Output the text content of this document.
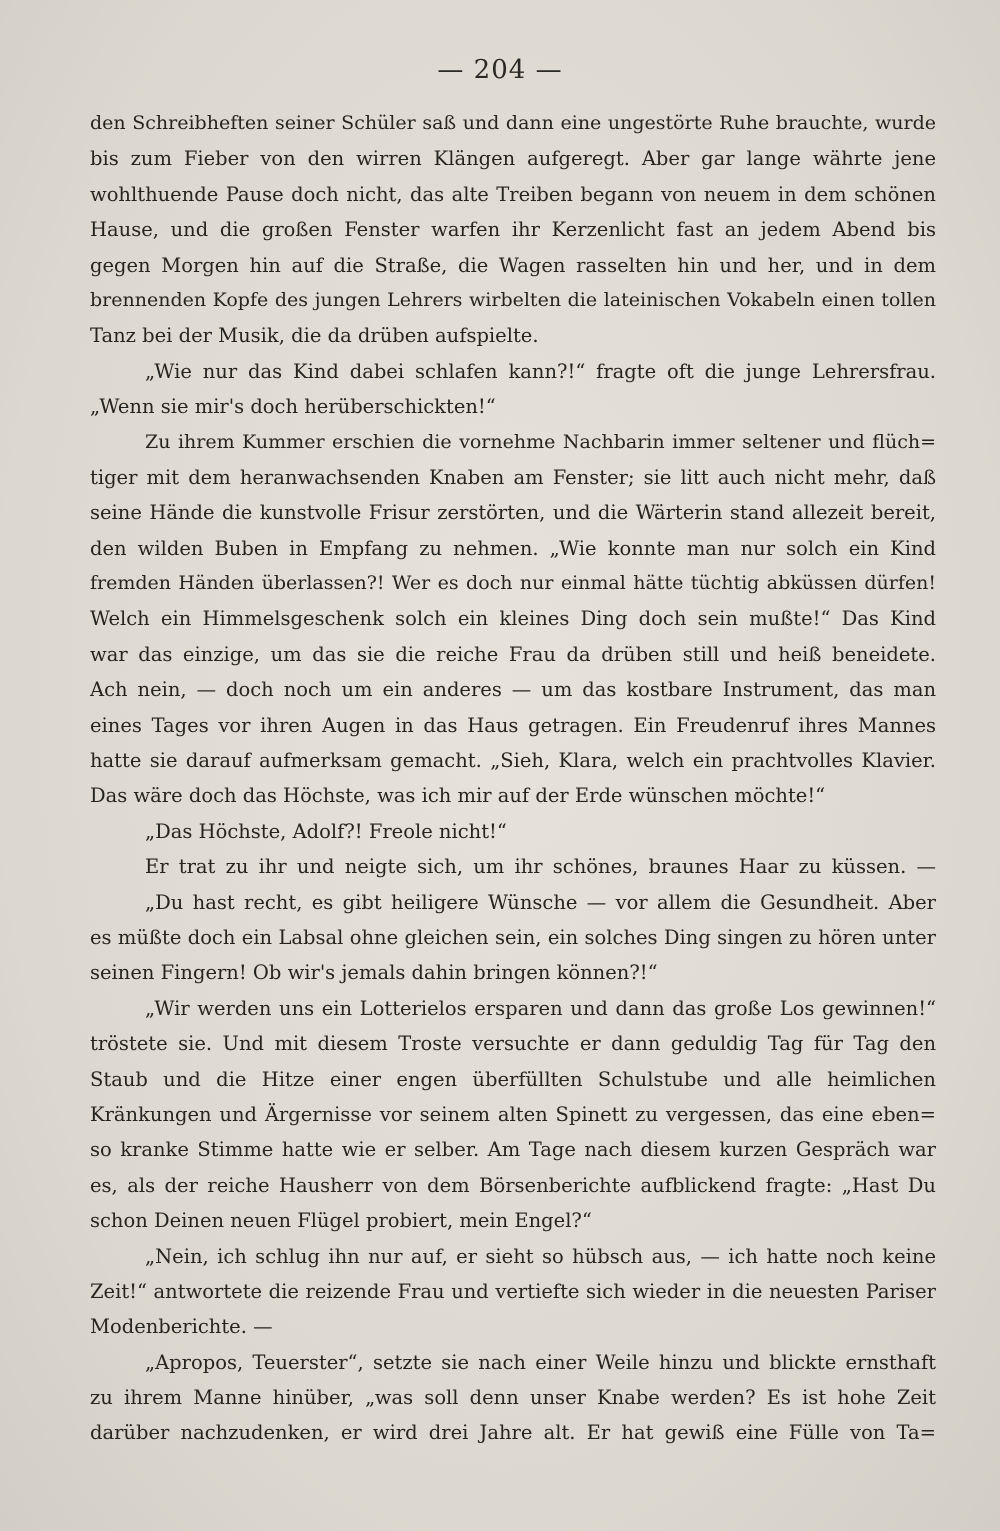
— 204 —
den Schreibheften seiner Schüler saß und dann eine ungestörte Ruhe brauchte, wurde
bis zum Fieber von den wirren Klängen aufgeregt. Aber gar lange währte jene
wohlthuende Pause doch nicht, das alte Treiben begann von neuem in dem schönen
Hause, und die großen Fenster warfen ihr Kerzenlicht fast an jedem Abend bis
gegen Morgen hin auf die Straße, die Wagen rasselten hin und her, und in dem
brennenden Kopfe des jungen Lehrers wirbelten die lateinischen Vokabeln einen tollen
Tanz bei der Musik, die da drüben aufspielte.
„Wie nur das Kind dabei schlafen kann?!“ fragte oft die junge Lehrersfrau.
„Wenn sie mir's doch herüberschickten!“
Zu ihrem Kummer erschien die vornehme Nachbarin immer seltener und flüch=
tiger mit dem heranwachsenden Knaben am Fenster; sie litt auch nicht mehr, daß
seine Hände die kunstvolle Frisur zerstörten, und die Wärterin stand allezeit bereit,
den wilden Buben in Empfang zu nehmen. „Wie konnte man nur solch ein Kind
fremden Händen überlassen?! Wer es doch nur einmal hätte tüchtig abküssen dürfen!
Welch ein Himmelsgeschenk solch ein kleines Ding doch sein mußte!“ Das Kind
war das einzige, um das sie die reiche Frau da drüben still und heiß beneidete.
Ach nein, — doch noch um ein anderes — um das kostbare Instrument, das man
eines Tages vor ihren Augen in das Haus getragen. Ein Freudenruf ihres Mannes
hatte sie darauf aufmerksam gemacht. „Sieh, Klara, welch ein prachtvolles Klavier.
Das wäre doch das Höchste, was ich mir auf der Erde wünschen möchte!“
„Das Höchste, Adolf?! Freole nicht!“
Er trat zu ihr und neigte sich, um ihr schönes, braunes Haar zu küssen. —
„Du hast recht, es gibt heiligere Wünsche — vor allem die Gesundheit. Aber
es müßte doch ein Labsal ohne gleichen sein, ein solches Ding singen zu hören unter
seinen Fingern! Ob wir's jemals dahin bringen können?!“
„Wir werden uns ein Lotterielos ersparen und dann das große Los gewinnen!“
tröstete sie. Und mit diesem Troste versuchte er dann geduldig Tag für Tag den
Staub und die Hitze einer engen überfüllten Schulstube und alle heimlichen
Kränkungen und Ärgernisse vor seinem alten Spinett zu vergessen, das eine eben=
so kranke Stimme hatte wie er selber. Am Tage nach diesem kurzen Gespräch war
es, als der reiche Hausherr von dem Börsenberichte aufblickend fragte: „Hast Du
schon Deinen neuen Flügel probiert, mein Engel?“
„Nein, ich schlug ihn nur auf, er sieht so hübsch aus, — ich hatte noch keine
Zeit!“ antwortete die reizende Frau und vertiefte sich wieder in die neuesten Pariser
Modenberichte. —
„Apropos, Teuerster“, setzte sie nach einer Weile hinzu und blickte ernsthaft
zu ihrem Manne hinüber, „was soll denn unser Knabe werden? Es ist hohe Zeit
darüber nachzudenken, er wird drei Jahre alt. Er hat gewiß eine Fülle von Ta=
